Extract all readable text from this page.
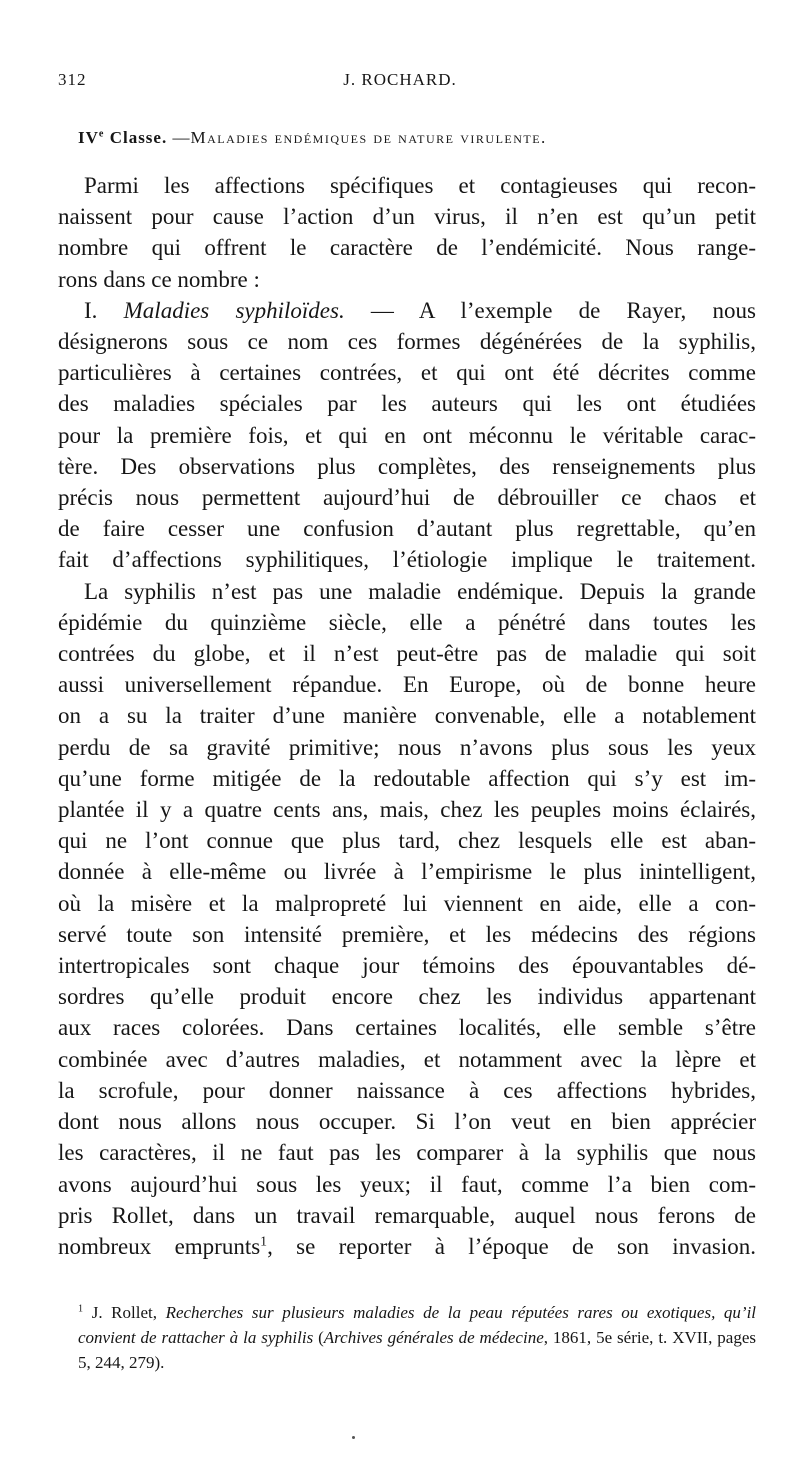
312	J. ROCHARD.
IVe Classe. —Maladies endémiques de nature virulente.
Parmi les affections spécifiques et contagieuses qui recon-
naissent pour cause l’action d’un virus, il n’en est qu’un petit
nombre qui offrent le caractère de l’endémicité. Nous range-
rons dans ce nombre :
I. Maladies syphiloïdes. — A l’exemple de Rayer, nous
désignerons sous ce nom ces formes dégénérées de la syphilis,
particulières à certaines contrées, et qui ont été décrites comme
des maladies spéciales par les auteurs qui les ont étudiées
pour la première fois, et qui en ont méconnu le véritable carac-
tère. Des observations plus complètes, des renseignements plus
précis nous permettent aujourd’hui de débrouiller ce chaos et
de faire cesser une confusion d’autant plus regrettable, qu’en
fait d’affections syphilitiques, l’étiologie implique le traitement.
La syphilis n’est pas une maladie endémique. Depuis la grande
épidémie du quinzième siècle, elle a pénétré dans toutes les
contrées du globe, et il n’est peut-être pas de maladie qui soit
aussi universellement répandue. En Europe, où de bonne heure
on a su la traiter d’une manière convenable, elle a notablement
perdu de sa gravité primitive; nous n’avons plus sous les yeux
qu’une forme mitigée de la redoutable affection qui s’y est im-
plantée il y a quatre cents ans, mais, chez les peuples moins éclairés,
qui ne l’ont connue que plus tard, chez lesquels elle est aban-
donnée à elle-même ou livrée à l’empirisme le plus inintelligent,
où la misère et la malpropreté lui viennent en aide, elle a con-
servé toute son intensité première, et les médecins des régions
intertropicales sont chaque jour témoins des épouvantables dé-
sordres qu’elle produit encore chez les individus appartenant
aux races colorées. Dans certaines localités, elle semble s’être
combinée avec d’autres maladies, et notamment avec la lèpre et
la scrofule, pour donner naissance à ces affections hybrides,
dont nous allons nous occuper. Si l’on veut en bien apprécier
les caractères, il ne faut pas les comparer à la syphilis que nous
avons aujourd’hui sous les yeux; il faut, comme l’a bien com-
pris Rollet, dans un travail remarquable, auquel nous ferons de
nombreux emprunts$^1$, se reporter à l’époque de son invasion.
$^1$ J. Rollet, Recherches sur plusieurs maladies de la peau réputées rares ou exotiques, qu’il convient de rattacher à la syphilis (Archives générales de médecine, 1861, 5e série, t. XVII, pages 5, 244, 279).
